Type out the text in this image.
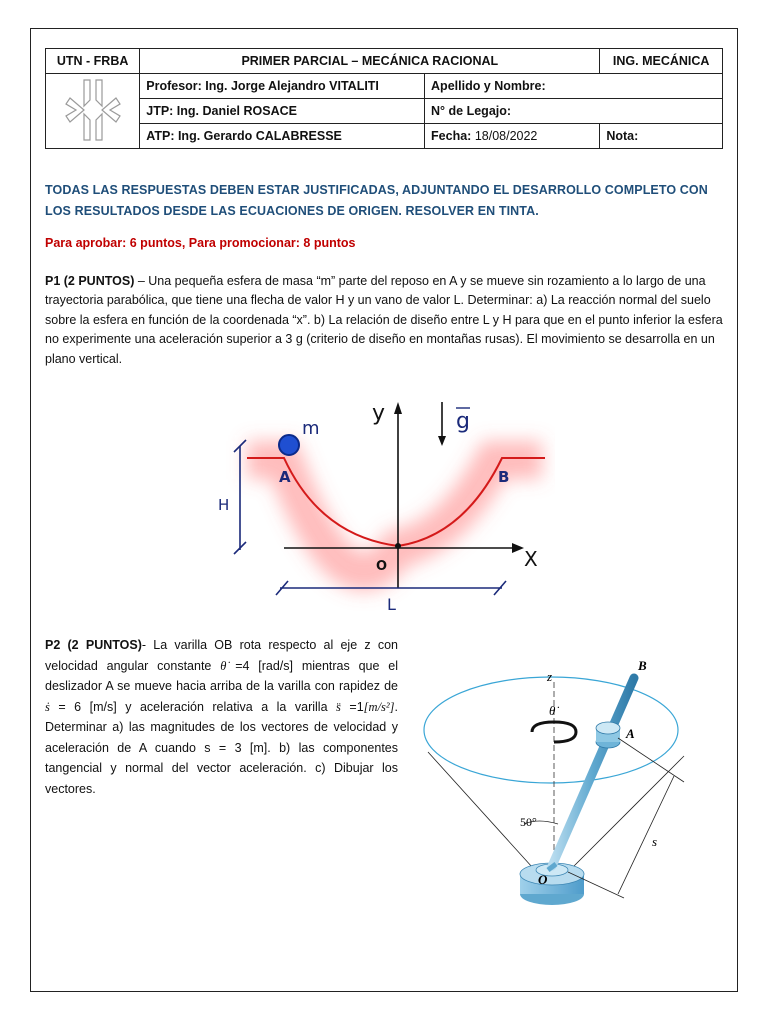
UTN - FRBA	PRIMER PARCIAL – MECÁNICA RACIONAL		ING. MECÁNICA
	Profesor: Ing. Jorge Alejandro VITALITI	Apellido y Nombre:	
	JTP: Ing. Daniel ROSACE	N° de Legajo:	
	ATP: Ing. Gerardo CALABRESSE	Fecha: 18/08/2022	Nota:
TODAS LAS RESPUESTAS DEBEN ESTAR JUSTIFICADAS, ADJUNTANDO EL DESARROLLO COMPLETO CON LOS RESULTADOS DESDE LAS ECUACIONES DE ORIGEN. RESOLVER EN TINTA.
Para aprobar: 6 puntos, Para promocionar: 8 puntos
P1 (2 PUNTOS) – Una pequeña esfera de masa “m” parte del reposo en A y se mueve sin rozamiento a lo largo de una trayectoria parabólica, que tiene una flecha de valor H y un vano de valor L. Determinar: a) La reacción normal del suelo sobre la esfera en función de la coordenada “x”. b) La relación de diseño entre L y H para que en el punto inferior la esfera no experimente una aceleración superior a 3 g (criterio de diseño en montañas rusas). El movimiento se desarrolla en un plano vertical.
m
y	g
A	B
H
O	X
L
P2 (2 PUNTOS)- La varilla OB rota respecto al eje z con velocidad angular constante θ̇ =4 [rad/s] mientras que el deslizador A se mueve hacia arriba de la varilla con rapidez de ṡ = 6 [m/s] y aceleración relativa a la varilla s̈ =1[m/s²]. Determinar a) las magnitudes de los vectores de velocidad y aceleración de A cuando s = 3 [m]. b) las componentes tangencial y normal del vector aceleración. c) Dibujar los vectores.
B
z
θ̇
A
50°
s
O
